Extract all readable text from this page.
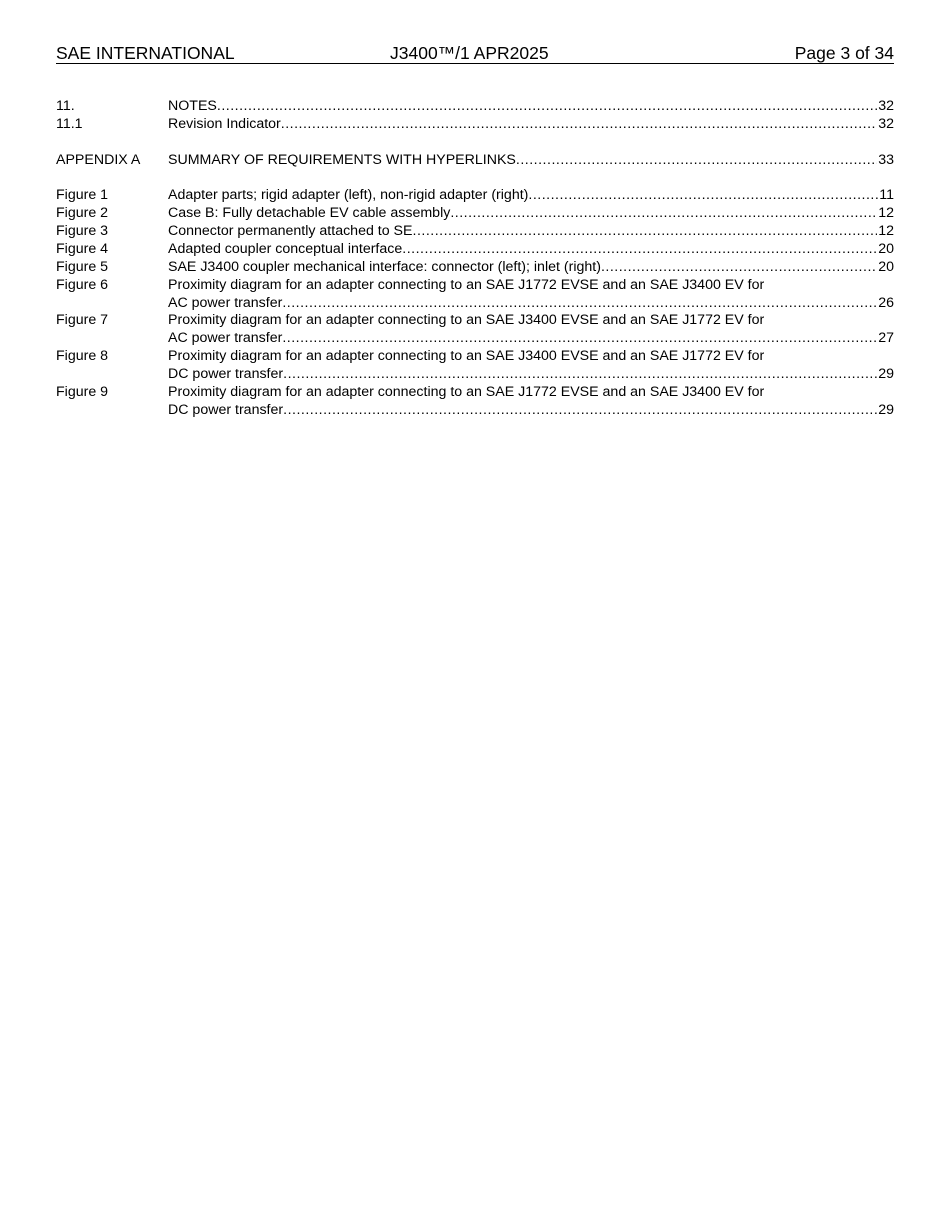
SAE INTERNATIONAL	J3400™/1 APR2025	Page 3 of 34
11.	NOTES .....	32
11.1	Revision Indicator .....	32
APPENDIX A SUMMARY OF REQUIREMENTS WITH HYPERLINKS .....	33
Figure 1	Adapter parts; rigid adapter (left), non-rigid adapter (right) .....	11
Figure 2	Case B: Fully detachable EV cable assembly .....	12
Figure 3	Connector permanently attached to SE .....	12
Figure 4	Adapted coupler conceptual interface .....	20
Figure 5	SAE J3400 coupler mechanical interface: connector (left); inlet (right) .....	20
Figure 6	Proximity diagram for an adapter connecting to an SAE J1772 EVSE and an SAE J3400 EV for
AC power transfer .....	26
Figure 7	Proximity diagram for an adapter connecting to an SAE J3400 EVSE and an SAE J1772 EV for
AC power transfer .....	27
Figure 8	Proximity diagram for an adapter connecting to an SAE J3400 EVSE and an SAE J1772 EV for
DC power transfer .....	29
Figure 9	Proximity diagram for an adapter connecting to an SAE J1772 EVSE and an SAE J3400 EV for
DC power transfer .....	29
